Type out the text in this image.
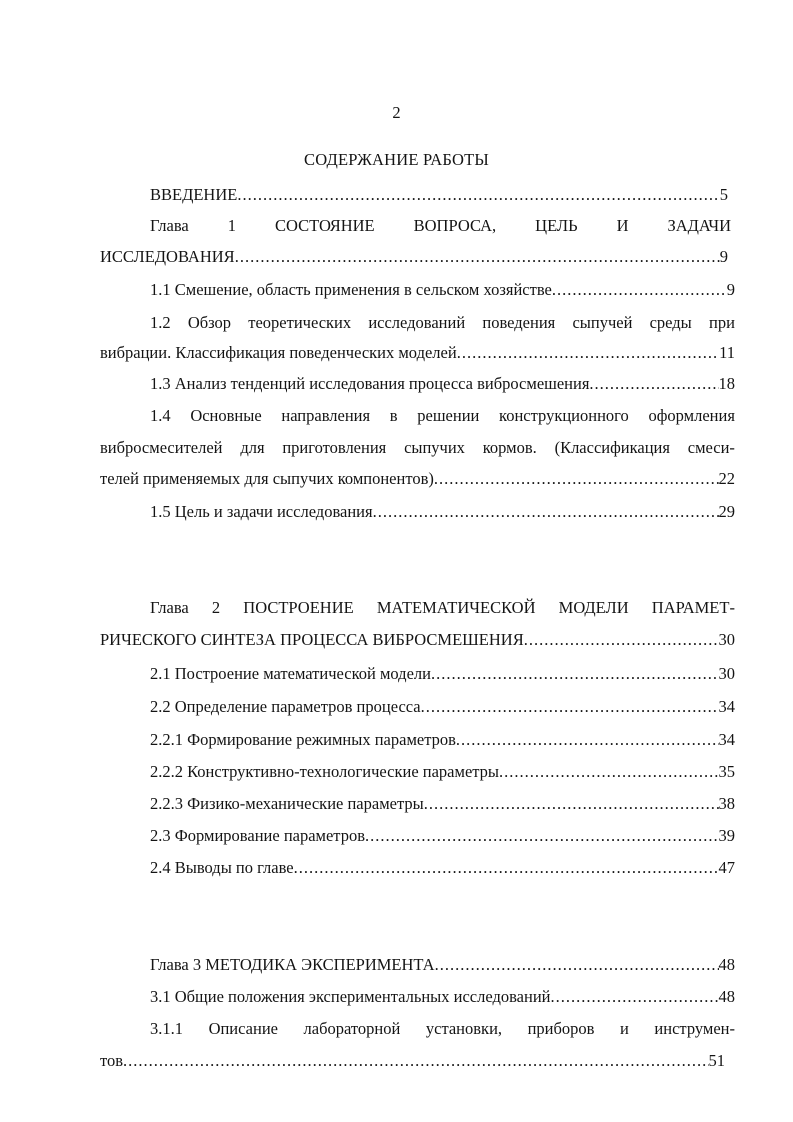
2
СОДЕРЖАНИЕ РАБОТЫ
ВВЕДЕНИЕ .....	5
Глава 1 СОСТОЯНИЕ ВОПРОСА, ЦЕЛЬ И ЗАДАЧИ
ИССЛЕДОВАНИЯ .....	9
1.1 Смешение, область применения в сельском хозяйстве .....	9
1.2 Обзор теоретических исследований поведения сыпучей среды при
вибрации. Классификация поведенческих моделей .....	11
1.3 Анализ тенденций исследования процесса вибросмешения .....	18
1.4 Основные направления в решении конструкционного оформления
вибросмесителей для приготовления сыпучих кормов. (Классификация смеси-
телей применяемых для сыпучих компонентов) .....	22
1.5 Цель и задачи исследования .....	29
Глава 2 ПОСТРОЕНИЕ МАТЕМАТИЧЕСКОЙ МОДЕЛИ ПАРАМЕТ-
РИЧЕСКОГО СИНТЕЗА ПРОЦЕССА ВИБРОСМЕШЕНИЯ .....	30
2.1 Построение математической модели .....	30
2.2 Определение параметров процесса .....	34
2.2.1 Формирование режимных параметров .....	34
2.2.2 Конструктивно-технологические параметры .....	35
2.2.3 Физико-механические параметры .....	38
2.3 Формирование параметров .....	39
2.4 Выводы по главе .....	47
Глава 3 МЕТОДИКА ЭКСПЕРИМЕНТА .....	48
3.1 Общие положения экспериментальных исследований .....	48
3.1.1 Описание лабораторной установки, приборов и инструмен-
тов .....	51
